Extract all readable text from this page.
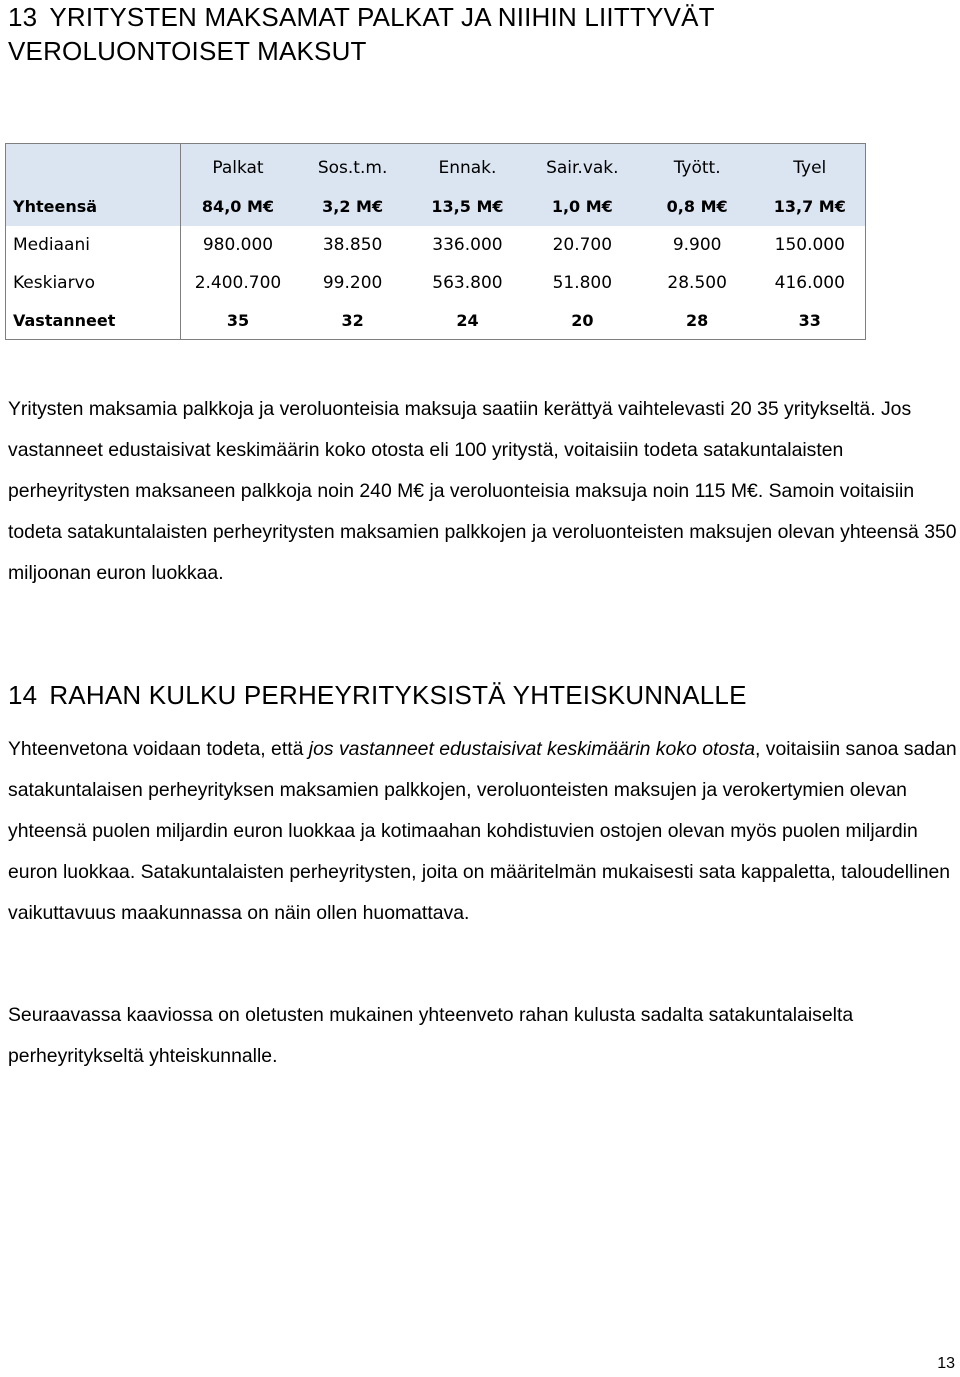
13 YRITYSTEN MAKSAMAT PALKAT JA NIIHIN LIITTYVÄT VEROLUONTOISET MAKSUT
	Palkat	Sos.t.m.	Ennak.	Sair.vak.	Tyött.	Tyel
Yhteensä	84,0 M€	3,2 M€	13,5 M€	1,0 M€	0,8 M€	13,7 M€
Mediaani	980.000	38.850	336.000	20.700	9.900	150.000
Keskiarvo	2.400.700	99.200	563.800	51.800	28.500	416.000
Vastanneet	35	32	24	20	28	33

Yritysten maksamia palkkoja ja veroluonteisia maksuja saatiin kerättyä vaihtelevasti 20 35 yritykseltä. Jos vastanneet edustaisivat keskimäärin koko otosta eli 100 yritystä, voitaisiin todeta satakuntalaisten perheyritysten maksaneen palkkoja noin 240 M€ ja veroluonteisia maksuja noin 115 M€. Samoin voitaisiin todeta satakuntalaisten perheyritysten maksamien palkkojen ja veroluonteisten maksujen olevan yhteensä 350 miljoonan euron luokkaa.

14 RAHAN KULKU PERHEYRITYKSISTÄ YHTEISKUNNALLE

Yhteenvetona voidaan todeta, että jos vastanneet edustaisivat keskimäärin koko otosta, voitaisiin sanoa sadan satakuntalaisen perheyrityksen maksamien palkkojen, veroluonteisten maksujen ja verokertymien olevan yhteensä puolen miljardin euron luokkaa ja kotimaahan kohdistuvien ostojen olevan myös puolen miljardin euron luokkaa. Satakuntalaisten perheyritysten, joita on määritelmän mukaisesti sata kappaletta, taloudellinen vaikuttavuus maakunnassa on näin ollen huomattava.

Seuraavassa kaaviossa on oletusten mukainen yhteenveto rahan kulusta sadalta satakuntalaiselta perheyritykseltä yhteiskunnalle.

13
